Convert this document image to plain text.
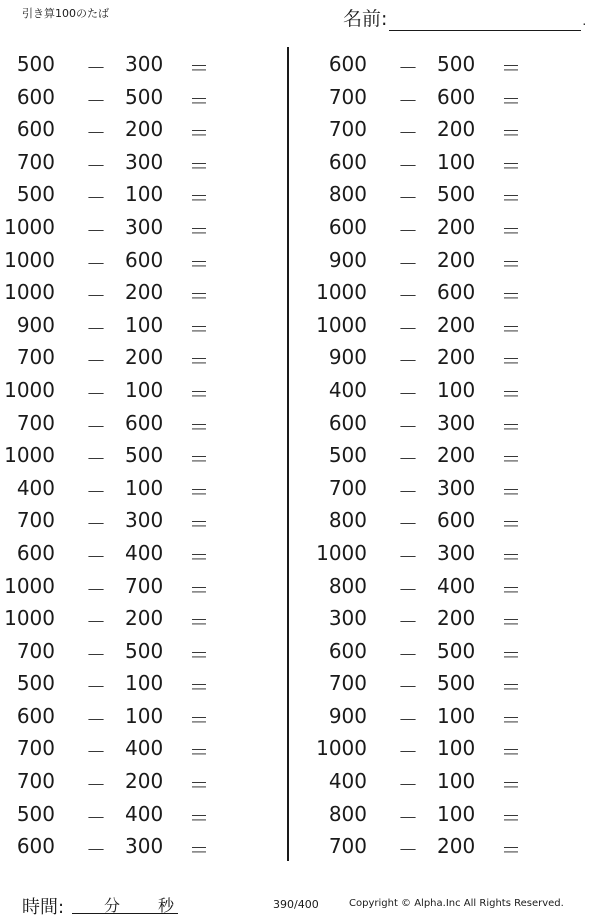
引き算100のたば	名前:	.
500 － 300 ＝
600 － 500 ＝
600 － 200 ＝
700 － 300 ＝
500 － 100 ＝
1000 － 300 ＝
1000 － 600 ＝
1000 － 200 ＝
900 － 100 ＝
700 － 200 ＝
1000 － 100 ＝
700 － 600 ＝
1000 － 500 ＝
400 － 100 ＝
700 － 300 ＝
600 － 400 ＝
1000 － 700 ＝
1000 － 200 ＝
700 － 500 ＝
500 － 100 ＝
600 － 100 ＝
700 － 400 ＝
700 － 200 ＝
500 － 400 ＝
600 － 300 ＝
600 － 500 ＝
700 － 600 ＝
700 － 200 ＝
600 － 100 ＝
800 － 500 ＝
600 － 200 ＝
900 － 200 ＝
1000 － 600 ＝
1000 － 200 ＝
900 － 200 ＝
400 － 100 ＝
600 － 300 ＝
500 － 200 ＝
700 － 300 ＝
800 － 600 ＝
1000 － 300 ＝
800 － 400 ＝
300 － 200 ＝
600 － 500 ＝
700 － 500 ＝
900 － 100 ＝
1000 － 100 ＝
400 － 100 ＝
800 － 100 ＝
700 － 200 ＝
時間: 分 秒	390/400	Copyright © Alpha.Inc All Rights Reserved.
